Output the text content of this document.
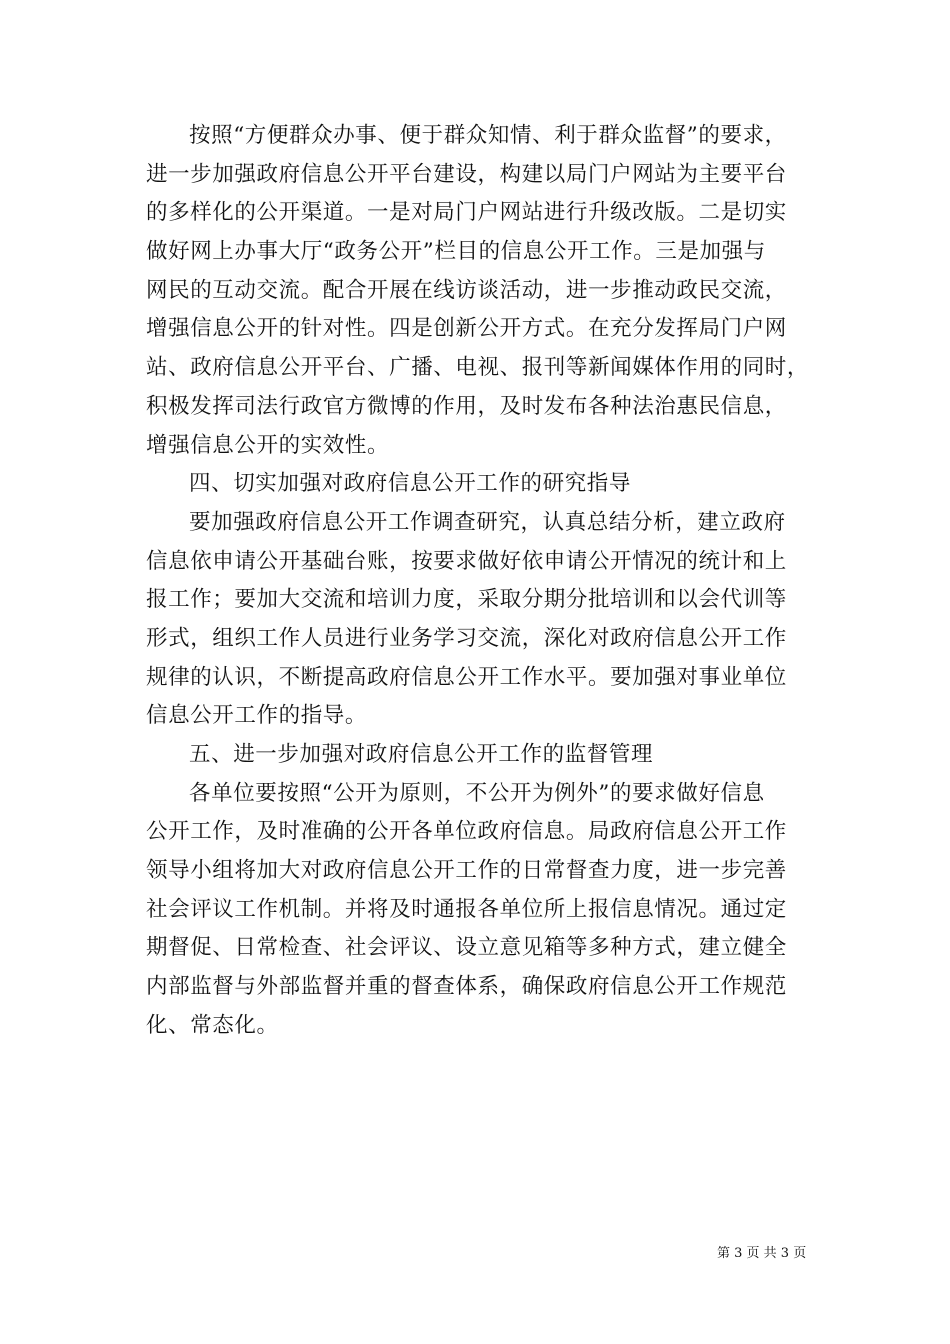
按照“方便群众办事、便于群众知情、利于群众监督”的要求，
进一步加强政府信息公开平台建设，构建以局门户网站为主要平台
的多样化的公开渠道。一是对局门户网站进行升级改版。二是切实
做好网上办事大厅“政务公开”栏目的信息公开工作。三是加强与
网民的互动交流。配合开展在线访谈活动，进一步推动政民交流，
增强信息公开的针对性。四是创新公开方式。在充分发挥局门户网
站、政府信息公开平台、广播、电视、报刊等新闻媒体作用的同时，
积极发挥司法行政官方微博的作用，及时发布各种法治惠民信息，
增强信息公开的实效性。
四、切实加强对政府信息公开工作的研究指导
要加强政府信息公开工作调查研究，认真总结分析，建立政府
信息依申请公开基础台账，按要求做好依申请公开情况的统计和上
报工作；要加大交流和培训力度，采取分期分批培训和以会代训等
形式，组织工作人员进行业务学习交流，深化对政府信息公开工作
规律的认识，不断提高政府信息公开工作水平。要加强对事业单位
信息公开工作的指导。
五、进一步加强对政府信息公开工作的监督管理
各单位要按照“公开为原则，不公开为例外”的要求做好信息
公开工作，及时准确的公开各单位政府信息。局政府信息公开工作
领导小组将加大对政府信息公开工作的日常督查力度，进一步完善
社会评议工作机制。并将及时通报各单位所上报信息情况。通过定
期督促、日常检查、社会评议、设立意见箱等多种方式，建立健全
内部监督与外部监督并重的督查体系，确保政府信息公开工作规范
化、常态化。
第 3 页 共 3 页
